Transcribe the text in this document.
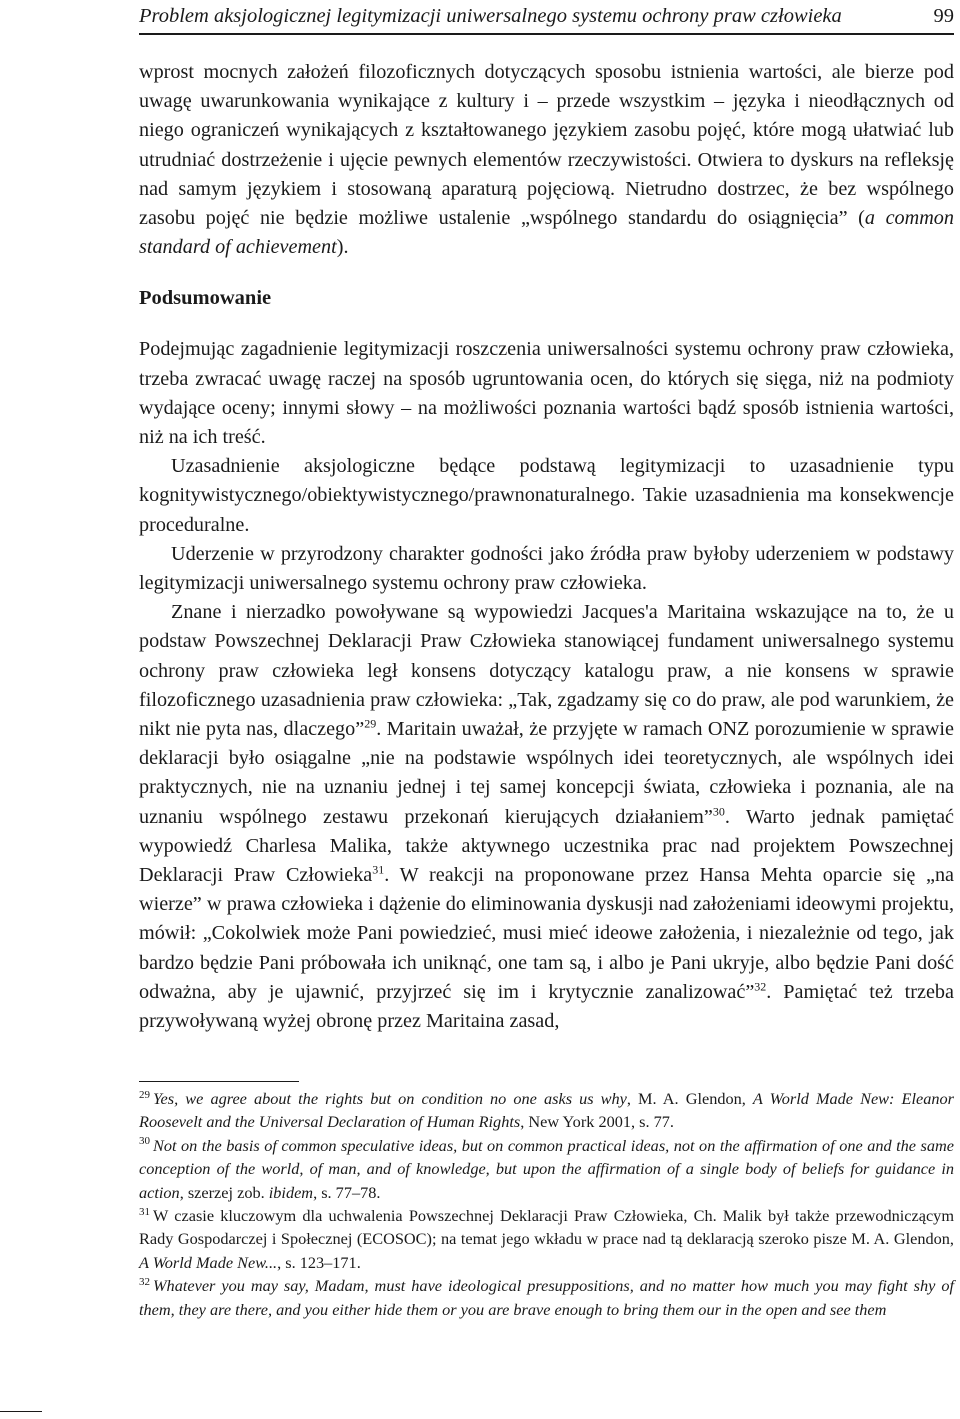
Problem aksjologicznej legitymizacji uniwersalnego systemu ochrony praw człowieka	99

wprost mocnych założeń filozoficznych dotyczących sposobu istnienia wartości, ale bierze pod uwagę uwarunkowania wynikające z kultury i – przede wszystkim – języka i nieodłącznych od niego ograniczeń wynikających z kształtowanego językiem zasobu pojęć, które mogą ułatwiać lub utrudniać dostrzeżenie i ujęcie pewnych elementów rzeczywistości. Otwiera to dyskurs na refleksję nad samym językiem i stosowaną aparaturą pojęciową. Nietrudno dostrzec, że bez wspólnego zasobu pojęć nie będzie możliwe ustalenie „wspólnego standardu do osiągnięcia” (a common standard of achievement).

Podsumowanie

Podejmując zagadnienie legitymizacji roszczenia uniwersalności systemu ochrony praw człowieka, trzeba zwracać uwagę raczej na sposób ugruntowania ocen, do których się sięga, niż na podmioty wydające oceny; innymi słowy – na możliwości poznania wartości bądź sposób istnienia wartości, niż na ich treść.

Uzasadnienie aksjologiczne będące podstawą legitymizacji to uzasadnienie typu kognitywistycznego/obiektywistycznego/prawnonaturalnego. Takie uzasadnienia ma konsekwencje proceduralne.

Uderzenie w przyrodzony charakter godności jako źródła praw byłoby uderzeniem w podstawy legitymizacji uniwersalnego systemu ochrony praw człowieka.

Znane i nierzadko powoływane są wypowiedzi Jacques'a Maritaina wskazujące na to, że u podstaw Powszechnej Deklaracji Praw Człowieka stanowiącej fundament uniwersalnego systemu ochrony praw człowieka legł konsens dotyczący katalogu praw, a nie konsens w sprawie filozoficznego uzasadnienia praw człowieka: „Tak, zgadzamy się co do praw, ale pod warunkiem, że nikt nie pyta nas, dlaczego”$^{29}$. Maritain uważał, że przyjęte w ramach ONZ porozumienie w sprawie deklaracji było osiągalne „nie na podstawie wspólnych idei teoretycznych, ale wspólnych idei praktycznych, nie na uznaniu jednej i tej samej koncepcji świata, człowieka i poznania, ale na uznaniu wspólnego zestawu przekonań kierujących działaniem”$^{30}$. Warto jednak pamiętać wypowiedź Charlesa Malika, także aktywnego uczestnika prac nad projektem Powszechnej Deklaracji Praw Człowieka$^{31}$. W reakcji na proponowane przez Hansa Mehta oparcie się „na wierze” w prawa człowieka i dążenie do eliminowania dyskusji nad założeniami ideowymi projektu, mówił: „Cokolwiek może Pani powiedzieć, musi mieć ideowe założenia, i niezależnie od tego, jak bardzo będzie Pani próbowała ich uniknąć, one tam są, i albo je Pani ukryje, albo będzie Pani dość odważna, aby je ujawnić, przyjrzeć się im i krytycznie zanalizować”$^{32}$. Pamiętać też trzeba przywoływaną wyżej obronę przez Maritaina zasad,

$^{29}$ Yes, we agree about the rights but on condition no one asks us why, M. A. Glendon, A World Made New: Eleanor Roosevelt and the Universal Declaration of Human Rights, New York 2001, s. 77.

$^{30}$ Not on the basis of common speculative ideas, but on common practical ideas, not on the affirmation of one and the same conception of the world, of man, and of knowledge, but upon the affirmation of a single body of beliefs for guidance in action, szerzej zob. ibidem, s. 77–78.

$^{31}$ W czasie kluczowym dla uchwalenia Powszechnej Deklaracji Praw Człowieka, Ch. Malik był także przewodniczącym Rady Gospodarczej i Społecznej (ECOSOC); na temat jego wkładu w prace nad tą deklaracją szeroko pisze M. A. Glendon, A World Made New..., s. 123–171.

$^{32}$ Whatever you may say, Madam, must have ideological presuppositions, and no matter how much you may fight shy of them, they are there, and you either hide them or you are brave enough to bring them our in the open and see them
